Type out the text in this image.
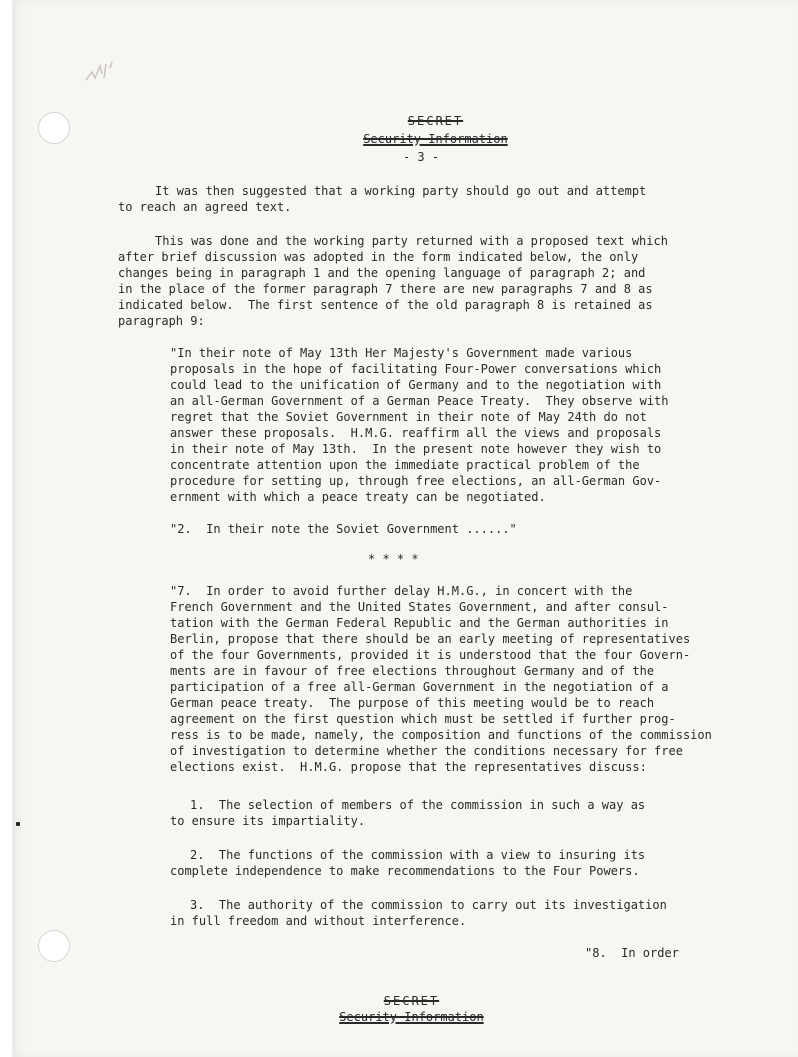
SECRET

Security Information

- 3 -
It was then suggested that a working party should go out and attempt
to reach an agreed text.
This was done and the working party returned with a proposed text which
after brief discussion was adopted in the form indicated below, the only
changes being in paragraph 1 and the opening language of paragraph 2; and
in the place of the former paragraph 7 there are new paragraphs 7 and 8 as
indicated below.  The first sentence of the old paragraph 8 is retained as
paragraph 9:
"In their note of May 13th Her Majesty's Government made various
proposals in the hope of facilitating Four-Power conversations which
could lead to the unification of Germany and to the negotiation with
an all-German Government of a German Peace Treaty.  They observe with
regret that the Soviet Government in their note of May 24th do not
answer these proposals.  H.M.G. reaffirm all the views and proposals
in their note of May 13th.  In the present note however they wish to
concentrate attention upon the immediate practical problem of the
procedure for setting up, through free elections, an all-German Gov-
ernment with which a peace treaty can be negotiated.
"2.  In their note the Soviet Government ......"
* * * *
"7.  In order to avoid further delay H.M.G., in concert with the
French Government and the United States Government, and after consul-
tation with the German Federal Republic and the German authorities in
Berlin, propose that there should be an early meeting of representatives
of the four Governments, provided it is understood that the four Govern-
ments are in favour of free elections throughout Germany and of the
participation of a free all-German Government in the negotiation of a
German peace treaty.  The purpose of this meeting would be to reach
agreement on the first question which must be settled if further prog-
ress is to be made, namely, the composition and functions of the commission
of investigation to determine whether the conditions necessary for free
elections exist.  H.M.G. propose that the representatives discuss:
1.  The selection of members of the commission in such a way as
to ensure its impartiality.
2.  The functions of the commission with a view to insuring its
complete independence to make recommendations to the Four Powers.
3.  The authority of the commission to carry out its investigation
in full freedom and without interference.
"8.  In order

SECRET

Security Information
